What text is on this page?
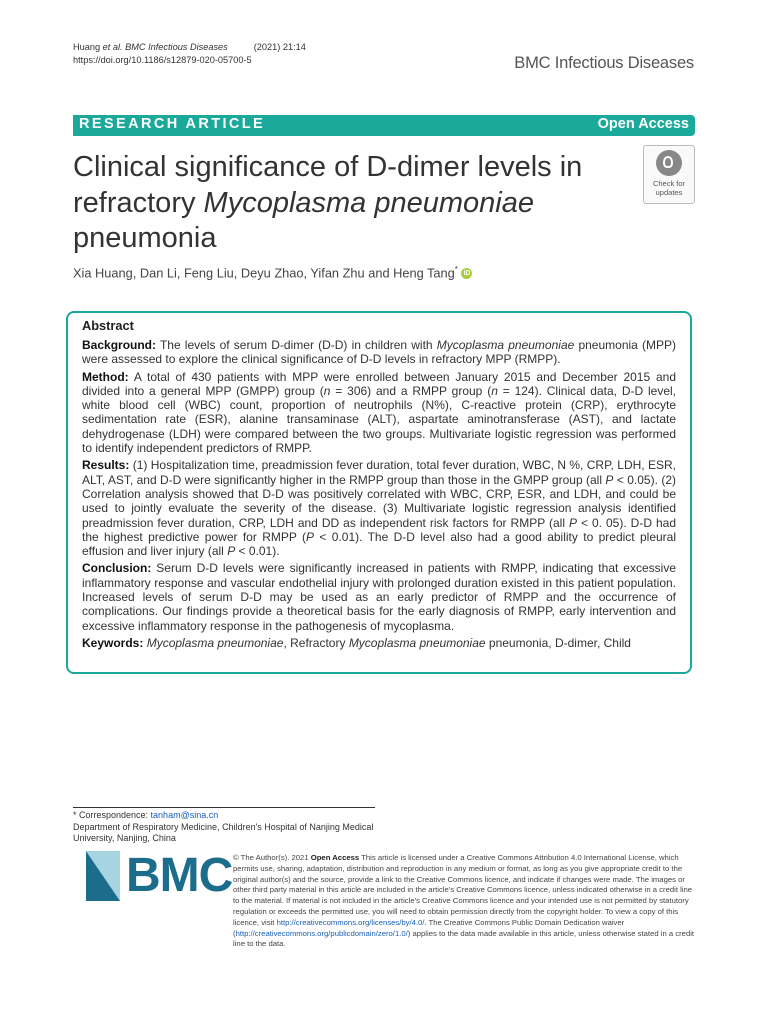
Huang et al. BMC Infectious Diseases	(2021) 21:14
https://doi.org/10.1186/s12879-020-05700-5	BMC Infectious Diseases
RESEARCH ARTICLE	Open Access
Clinical significance of D-dimer levels in
refractory Mycoplasma pneumoniae
pneumonia
Check for
updates
Xia Huang, Dan Li, Feng Liu, Deyu Zhao, Yifan Zhu and Heng Tang* iD
Abstract

Background: The levels of serum D-dimer (D-D) in children with Mycoplasma pneumoniae pneumonia (MPP) were assessed to explore the clinical significance of D-D levels in refractory MPP (RMPP).

Method: A total of 430 patients with MPP were enrolled between January 2015 and December 2015 and divided into a general MPP (GMPP) group (n = 306) and a RMPP group (n = 124). Clinical data, D-D level, white blood cell (WBC) count, proportion of neutrophils (N%), C-reactive protein (CRP), erythrocyte sedimentation rate (ESR), alanine transaminase (ALT), aspartate aminotransferase (AST), and lactate dehydrogenase (LDH) were compared between the two groups. Multivariate logistic regression was performed to identify independent predictors of RMPP.

Results: (1) Hospitalization time, preadmission fever duration, total fever duration, WBC, N %, CRP, LDH, ESR, ALT, AST, and D-D were significantly higher in the RMPP group than those in the GMPP group (all P < 0.05). (2) Correlation analysis showed that D-D was positively correlated with WBC, CRP, ESR, and LDH, and could be used to jointly evaluate the severity of the disease. (3) Multivariate logistic regression analysis identified preadmission fever duration, CRP, LDH and DD as independent risk factors for RMPP (all P < 0. 05). D-D had the highest predictive power for RMPP (P < 0.01). The D-D level also had a good ability to predict pleural effusion and liver injury (all P < 0.01).

Conclusion: Serum D-D levels were significantly increased in patients with RMPP, indicating that excessive inflammatory response and vascular endothelial injury with prolonged duration existed in this patient population. Increased levels of serum D-D may be used as an early predictor of RMPP and the occurrence of complications. Our findings provide a theoretical basis for the early diagnosis of RMPP, early intervention and excessive inflammatory response in the pathogenesis of mycoplasma.

Keywords: Mycoplasma pneumoniae, Refractory Mycoplasma pneumoniae pneumonia, D-dimer, Child

* Correspondence: tanham@sina.cn
Department of Respiratory Medicine, Children's Hospital of Nanjing Medical University, Nanjing, China
BMC © The Author(s). 2021 Open Access This article is licensed under a Creative Commons Attribution 4.0 International License, which permits use, sharing, adaptation, distribution and reproduction in any medium or format, as long as you give appropriate credit to the original author(s) and the source, provide a link to the Creative Commons licence, and indicate if changes were made. The images or other third party material in this article are included in the article's Creative Commons licence, unless indicated otherwise in a credit line to the material. If material is not included in the article's Creative Commons licence and your intended use is not permitted by statutory regulation or exceeds the permitted use, you will need to obtain permission directly from the copyright holder. To view a copy of this licence, visit http://creativecommons.org/licenses/by/4.0/. The Creative Commons Public Domain Dedication waiver (http://creativecommons.org/publicdomain/zero/1.0/) applies to the data made available in this article, unless otherwise stated in a credit line to the data.
